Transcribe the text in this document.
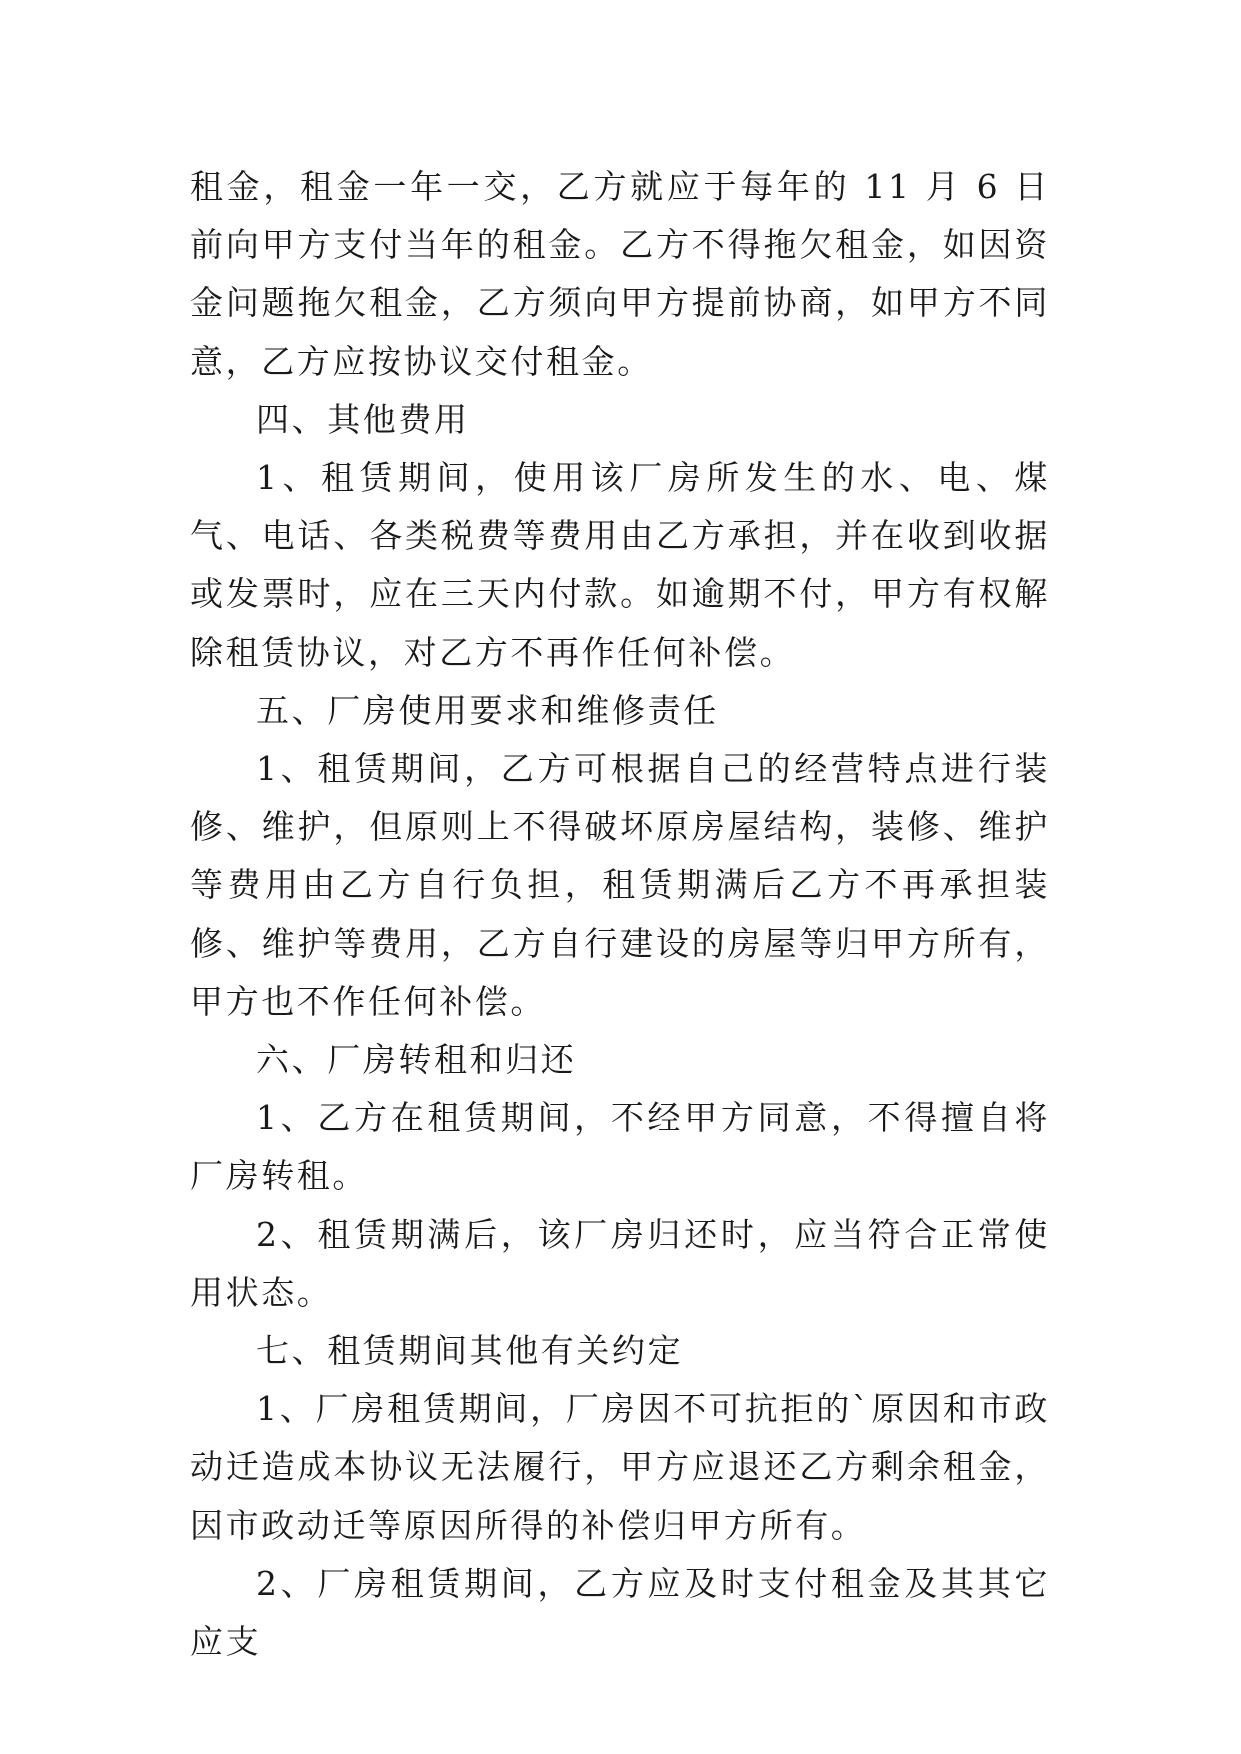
租金，租金一年一交，乙方就应于每年的 11 月 6 日前向甲方支付当年的租金。乙方不得拖欠租金，如因资金问题拖欠租金，乙方须向甲方提前协商，如甲方不同意，乙方应按协议交付租金。

四、其他费用

1、租赁期间，使用该厂房所发生的水、电、煤气、电话、各类税费等费用由乙方承担，并在收到收据或发票时，应在三天内付款。如逾期不付，甲方有权解除租赁协议，对乙方不再作任何补偿。

五、厂房使用要求和维修责任

1、租赁期间，乙方可根据自己的经营特点进行装修、维护，但原则上不得破坏原房屋结构，装修、维护等费用由乙方自行负担，租赁期满后乙方不再承担装修、维护等费用，乙方自行建设的房屋等归甲方所有，甲方也不作任何补偿。

六、厂房转租和归还

1、乙方在租赁期间，不经甲方同意，不得擅自将厂房转租。

2、租赁期满后，该厂房归还时，应当符合正常使用状态。

七、租赁期间其他有关约定

1、厂房租赁期间，厂房因不可抗拒的`原因和市政动迁造成本协议无法履行，甲方应退还乙方剩余租金，因市政动迁等原因所得的补偿归甲方所有。

2、厂房租赁期间，乙方应及时支付租金及其其它应支
